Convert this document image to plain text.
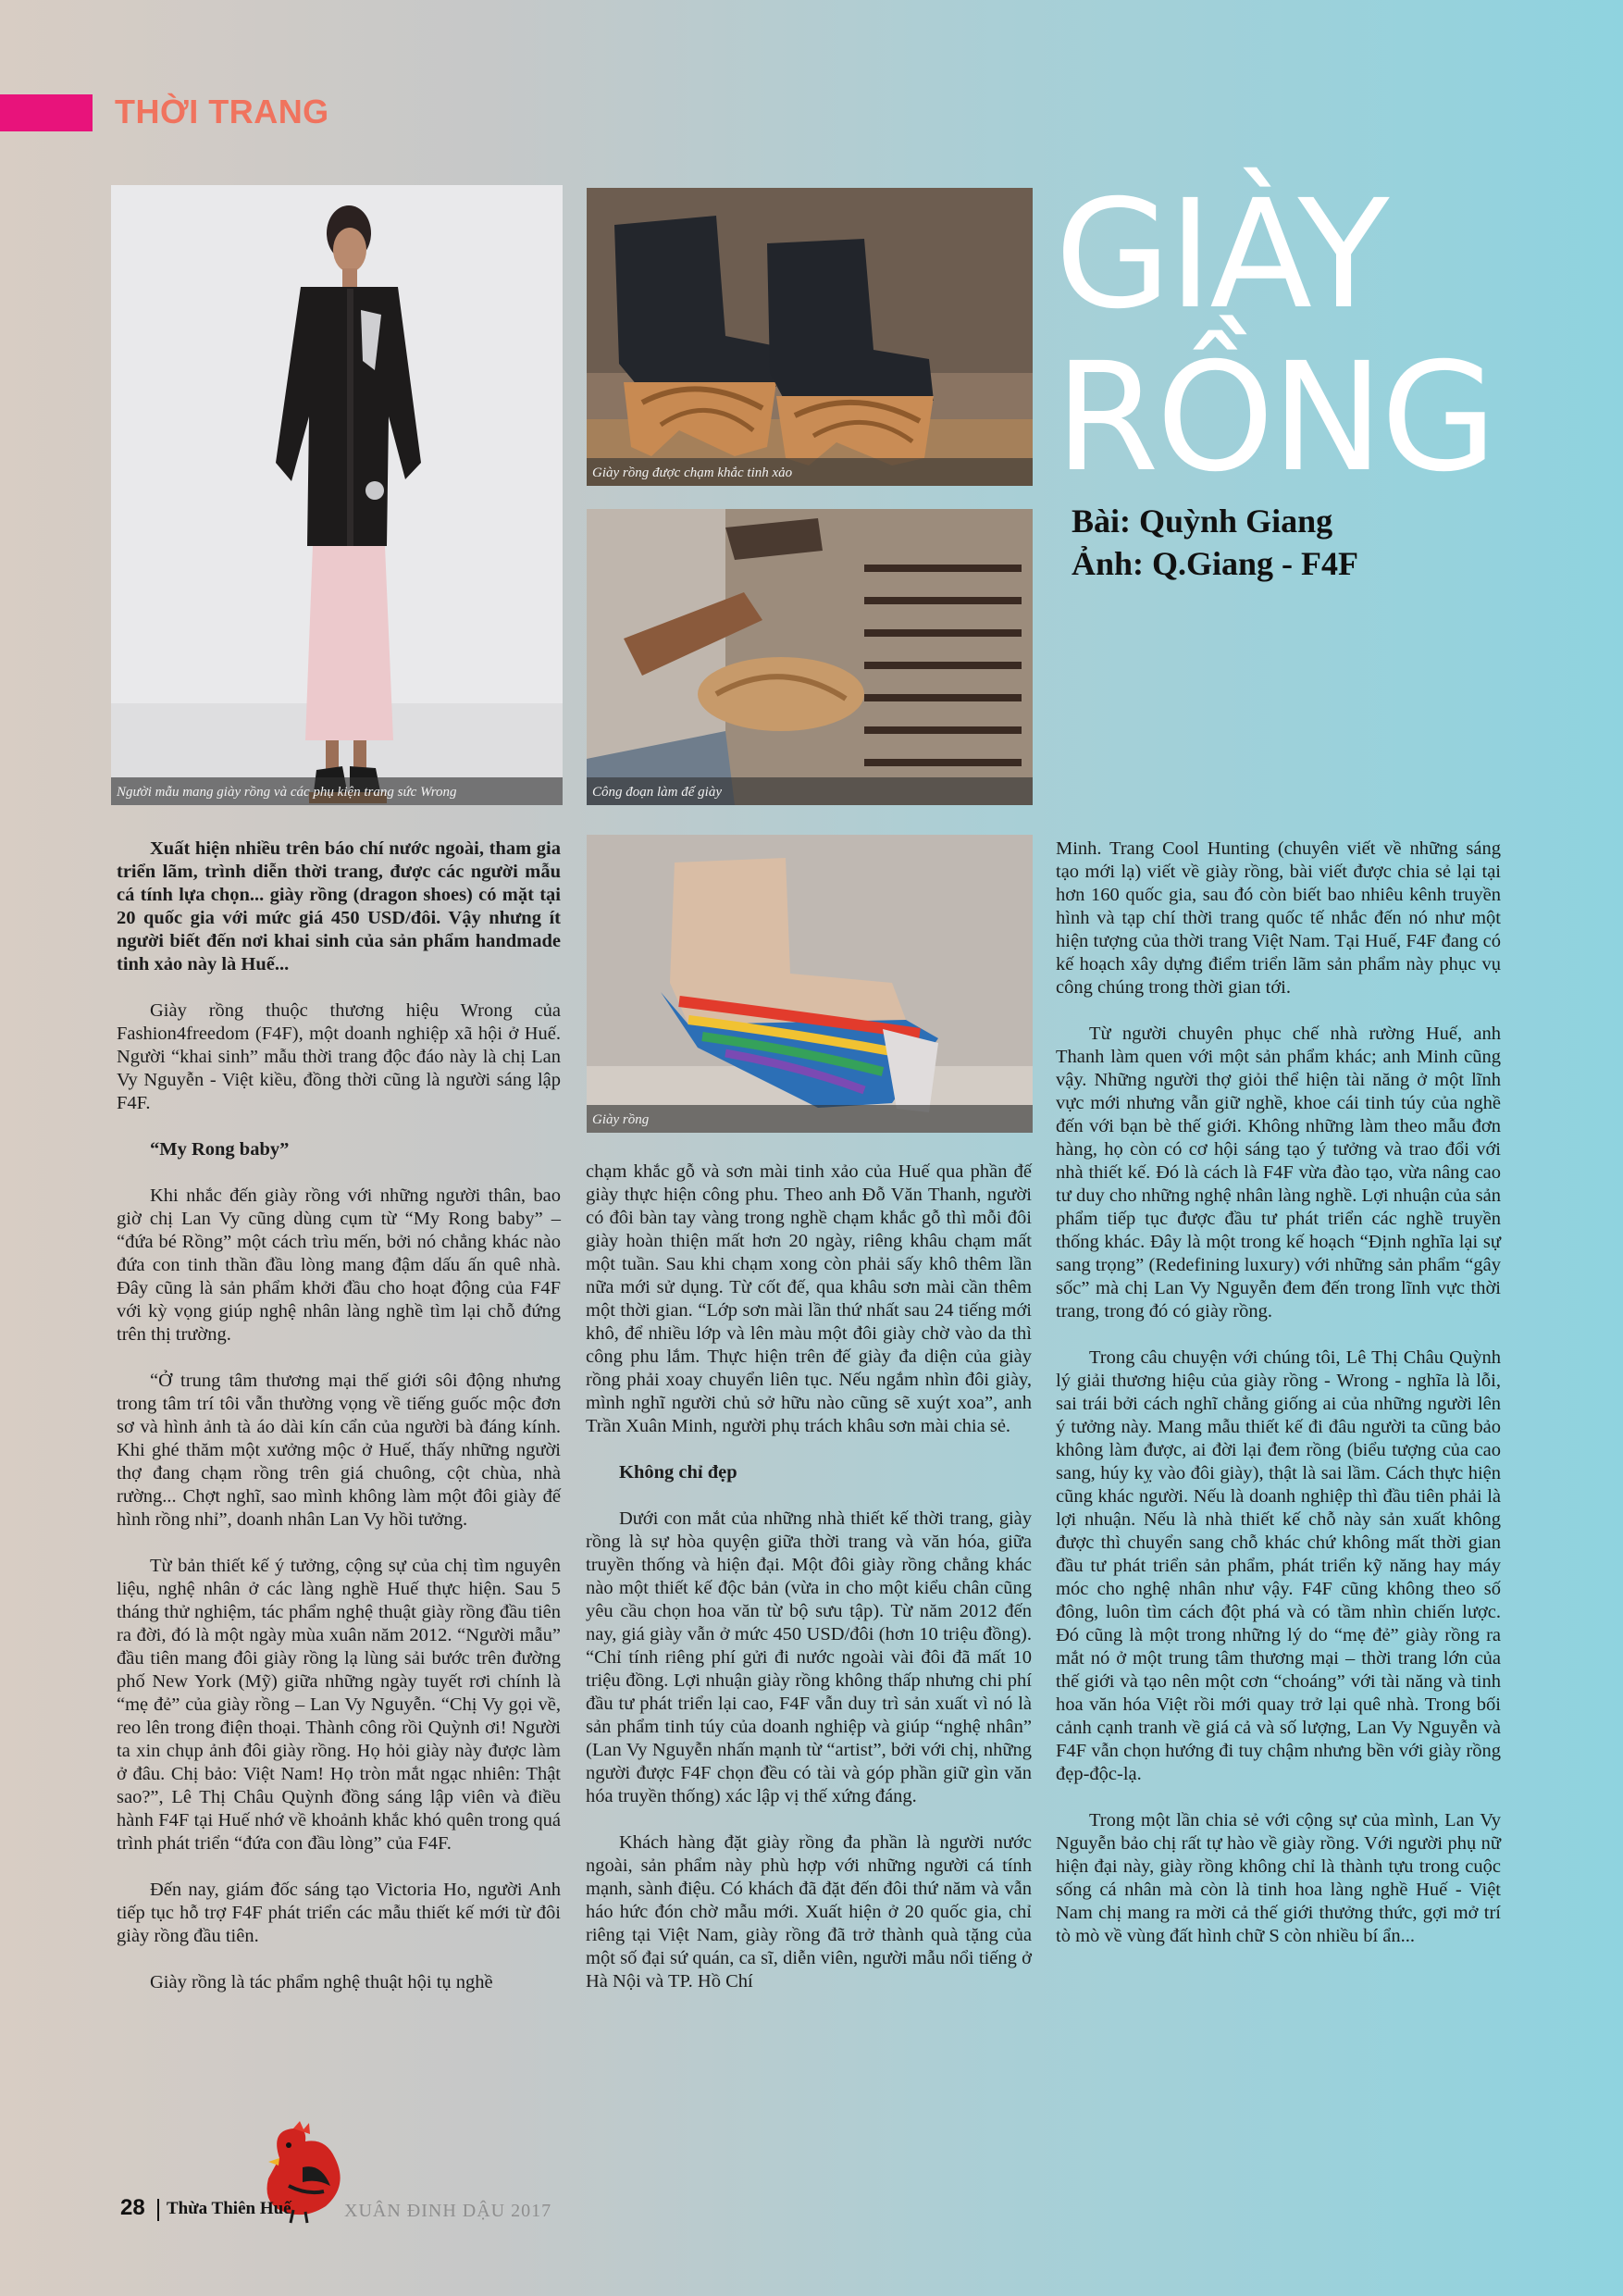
THỜI TRANG
Người mẫu mang giày rồng và các phụ kiện trang sức Wrong
Giày rồng được chạm khắc tinh xảo
Công đoạn làm đế giày
Giày rồng
GIÀY
RỒNG
Bài: Quỳnh Giang
Ảnh: Q.Giang - F4F

Xuất hiện nhiều trên báo chí nước ngoài, tham gia triển lãm, trình diễn thời trang, được các người mẫu cá tính lựa chọn... giày rồng (dragon shoes) có mặt tại 20 quốc gia với mức giá 450 USD/đôi. Vậy nhưng ít người biết đến nơi khai sinh của sản phẩm handmade tinh xảo này là Huế...

Giày rồng thuộc thương hiệu Wrong của Fashion4freedom (F4F), một doanh nghiệp xã hội ở Huế. Người “khai sinh” mẫu thời trang độc đáo này là chị Lan Vy Nguyễn - Việt kiều, đồng thời cũng là người sáng lập F4F.

“My Rong baby”

Khi nhắc đến giày rồng với những người thân, bao giờ chị Lan Vy cũng dùng cụm từ “My Rong baby” – “đứa bé Rồng” một cách trìu mến, bởi nó chẳng khác nào đứa con tinh thần đầu lòng mang đậm dấu ấn quê nhà. Đây cũng là sản phẩm khởi đầu cho hoạt động của F4F với kỳ vọng giúp nghệ nhân làng nghề tìm lại chỗ đứng trên thị trường.

“Ở trung tâm thương mại thế giới sôi động nhưng trong tâm trí tôi vẫn thường vọng về tiếng guốc mộc đơn sơ và hình ảnh tà áo dài kín cẩn của người bà đáng kính. Khi ghé thăm một xưởng mộc ở Huế, thấy những người thợ đang chạm rồng trên giá chuông, cột chùa, nhà rường... Chợt nghĩ, sao mình không làm một đôi giày đế hình rồng nhỉ”, doanh nhân Lan Vy hồi tưởng.

Từ bản thiết kế ý tưởng, cộng sự của chị tìm nguyên liệu, nghệ nhân ở các làng nghề Huế thực hiện. Sau 5 tháng thử nghiệm, tác phẩm nghệ thuật giày rồng đầu tiên ra đời, đó là một ngày mùa xuân năm 2012. “Người mẫu” đầu tiên mang đôi giày rồng lạ lùng sải bước trên đường phố New York (Mỹ) giữa những ngày tuyết rơi chính là “mẹ đẻ” của giày rồng – Lan Vy Nguyễn. “Chị Vy gọi về, reo lên trong điện thoại. Thành công rồi Quỳnh ơi! Người ta xin chụp ảnh đôi giày rồng. Họ hỏi giày này được làm ở đâu. Chị bảo: Việt Nam! Họ tròn mắt ngạc nhiên: Thật sao?”, Lê Thị Châu Quỳnh đồng sáng lập viên và điều hành F4F tại Huế nhớ về khoảnh khắc khó quên trong quá trình phát triển “đứa con đầu lòng” của F4F.

Đến nay, giám đốc sáng tạo Victoria Ho, người Anh tiếp tục hỗ trợ F4F phát triển các mẫu thiết kế mới từ đôi giày rồng đầu tiên.

Giày rồng là tác phẩm nghệ thuật hội tụ nghề

chạm khắc gỗ và sơn mài tinh xảo của Huế qua phần đế giày thực hiện công phu. Theo anh Đỗ Văn Thanh, người có đôi bàn tay vàng trong nghề chạm khắc gỗ thì mỗi đôi giày hoàn thiện mất hơn 20 ngày, riêng khâu chạm mất một tuần. Sau khi chạm xong còn phải sấy khô thêm lần nữa mới sử dụng. Từ cốt đế, qua khâu sơn mài cần thêm một thời gian. “Lớp sơn mài lần thứ nhất sau 24 tiếng mới khô, để nhiều lớp và lên màu một đôi giày chờ vào da thì công phu lắm. Thực hiện trên đế giày đa diện của giày rồng phải xoay chuyển liên tục. Nếu ngắm nhìn đôi giày, mình nghĩ người chủ sở hữu nào cũng sẽ xuýt xoa”, anh Trần Xuân Minh, người phụ trách khâu sơn mài chia sẻ.

Không chỉ đẹp

Dưới con mắt của những nhà thiết kế thời trang, giày rồng là sự hòa quyện giữa thời trang và văn hóa, giữa truyền thống và hiện đại. Một đôi giày rồng chẳng khác nào một thiết kế độc bản (vừa in cho một kiểu chân cũng yêu cầu chọn hoa văn từ bộ sưu tập). Từ năm 2012 đến nay, giá giày vẫn ở mức 450 USD/đôi (hơn 10 triệu đồng). “Chỉ tính riêng phí gửi đi nước ngoài vài đôi đã mất 10 triệu đồng. Lợi nhuận giày rồng không thấp nhưng chi phí đầu tư phát triển lại cao, F4F vẫn duy trì sản xuất vì nó là sản phẩm tinh túy của doanh nghiệp và giúp “nghệ nhân” (Lan Vy Nguyễn nhấn mạnh từ “artist”, bởi với chị, những người được F4F chọn đều có tài và góp phần giữ gìn văn hóa truyền thống) xác lập vị thế xứng đáng.

Khách hàng đặt giày rồng đa phần là người nước ngoài, sản phẩm này phù hợp với những người cá tính mạnh, sành điệu. Có khách đã đặt đến đôi thứ năm và vẫn háo hức đón chờ mẫu mới. Xuất hiện ở 20 quốc gia, chỉ riêng tại Việt Nam, giày rồng đã trở thành quà tặng của một số đại sứ quán, ca sĩ, diễn viên, người mẫu nổi tiếng ở Hà Nội và TP. Hồ Chí

Minh. Trang Cool Hunting (chuyên viết về những sáng tạo mới lạ) viết về giày rồng, bài viết được chia sẻ lại tại hơn 160 quốc gia, sau đó còn biết bao nhiêu kênh truyền hình và tạp chí thời trang quốc tế nhắc đến nó như một hiện tượng của thời trang Việt Nam. Tại Huế, F4F đang có kế hoạch xây dựng điểm triển lãm sản phẩm này phục vụ công chúng trong thời gian tới.

Từ người chuyên phục chế nhà rường Huế, anh Thanh làm quen với một sản phẩm khác; anh Minh cũng vậy. Những người thợ giỏi thể hiện tài năng ở một lĩnh vực mới nhưng vẫn giữ nghề, khoe cái tinh túy của nghề đến với bạn bè thế giới. Không những làm theo mẫu đơn hàng, họ còn có cơ hội sáng tạo ý tưởng và trao đổi với nhà thiết kế. Đó là cách là F4F vừa đào tạo, vừa nâng cao tư duy cho những nghệ nhân làng nghề. Lợi nhuận của sản phẩm tiếp tục được đầu tư phát triển các nghề truyền thống khác. Đây là một trong kế hoạch “Định nghĩa lại sự sang trọng” (Redefining luxury) với những sản phẩm “gây sốc” mà chị Lan Vy Nguyễn đem đến trong lĩnh vực thời trang, trong đó có giày rồng.

Trong câu chuyện với chúng tôi, Lê Thị Châu Quỳnh lý giải thương hiệu của giày rồng - Wrong - nghĩa là lỗi, sai trái bởi cách nghĩ chẳng giống ai của những người lên ý tưởng này. Mang mẫu thiết kế đi đâu người ta cũng bảo không làm được, ai đời lại đem rồng (biểu tượng của cao sang, húy kỵ vào đôi giày), thật là sai lầm. Cách thực hiện cũng khác người. Nếu là doanh nghiệp thì đầu tiên phải là lợi nhuận. Nếu là nhà thiết kế chỗ này sản xuất không được thì chuyển sang chỗ khác chứ không mất thời gian đầu tư phát triển sản phẩm, phát triển kỹ năng hay máy móc cho nghệ nhân như vậy. F4F cũng không theo số đông, luôn tìm cách đột phá và có tầm nhìn chiến lược. Đó cũng là một trong những lý do “mẹ đẻ” giày rồng ra mắt nó ở một trung tâm thương mại – thời trang lớn của thế giới và tạo nên một cơn “choáng” với tài năng và tinh hoa văn hóa Việt rồi mới quay trở lại quê nhà. Trong bối cảnh cạnh tranh về giá cả và số lượng, Lan Vy Nguyễn và F4F vẫn chọn hướng đi tuy chậm nhưng bền với giày rồng đẹp-độc-lạ.

Trong một lần chia sẻ với cộng sự của mình, Lan Vy Nguyễn bảo chị rất tự hào về giày rồng. Với người phụ nữ hiện đại này, giày rồng không chỉ là thành tựu trong cuộc sống cá nhân mà còn là tinh hoa làng nghề Huế - Việt Nam chị mang ra mời cả thế giới thưởng thức, gợi mở trí tò mò về vùng đất hình chữ S còn nhiều bí ẩn...

28 Thừa Thiên Huế	XUÂN ĐINH DẬU 2017
